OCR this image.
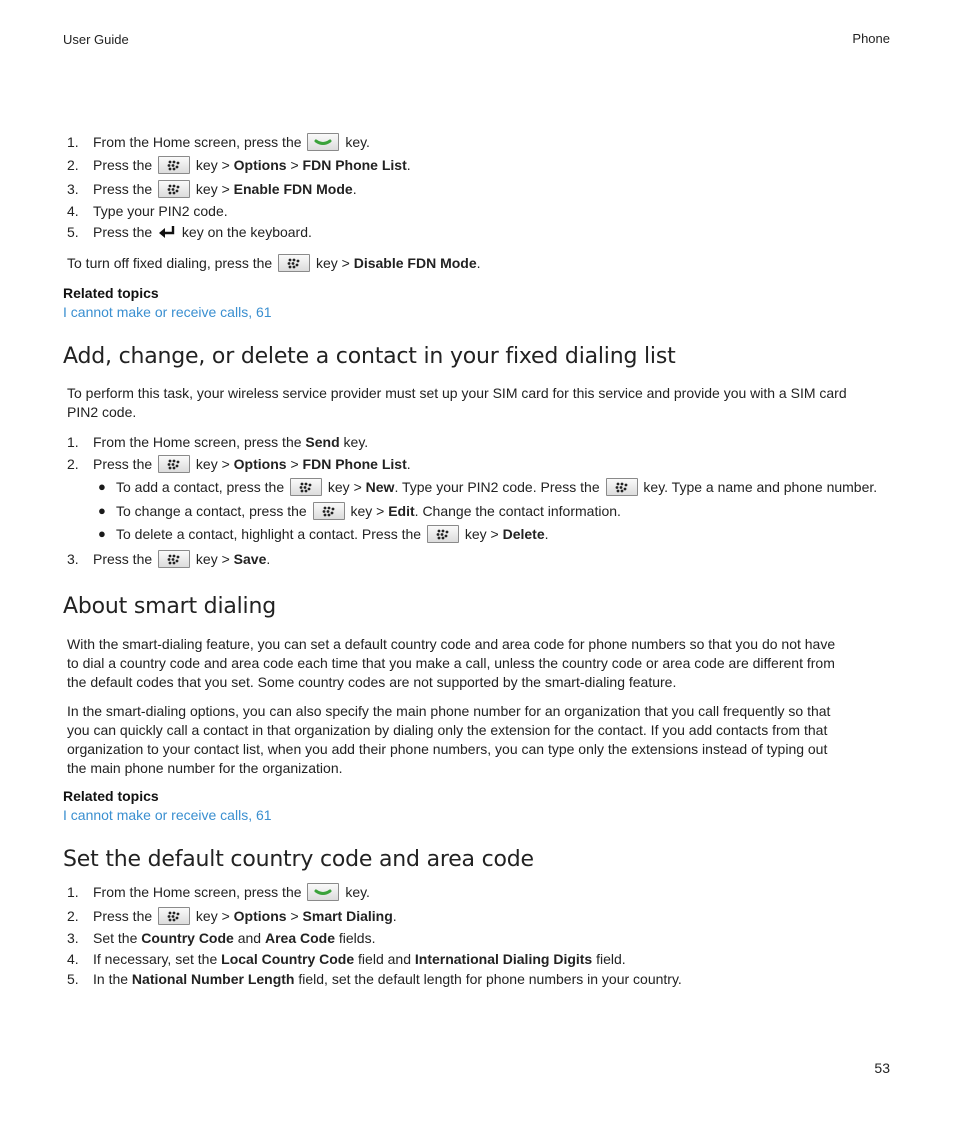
User Guide	Phone
1. From the Home screen, press the	key.
2. Press the	key > Options > FDN Phone List.
3. Press the	key > Enable FDN Mode.
4. Type your PIN2 code.
5. Press the key on the keyboard.
To turn off fixed dialing, press the	key > Disable FDN Mode.
Related topics
I cannot make or receive calls, 61
Add, change, or delete a contact in your fixed dialing list
To perform this task, your wireless service provider must set up your SIM card for this service and provide you with a SIM card
PIN2 code.
1. From the Home screen, press the Send key.
2. Press the	key > Options > FDN Phone List.
● To add a contact, press the	key > New. Type your PIN2 code. Press the	key. Type a name and phone number.
● To change a contact, press the	key > Edit. Change the contact information.
● To delete a contact, highlight a contact. Press the	key > Delete.
3. Press the	key > Save.
About smart dialing
With the smart-dialing feature, you can set a default country code and area code for phone numbers so that you do not have
to dial a country code and area code each time that you make a call, unless the country code or area code are different from
the default codes that you set. Some country codes are not supported by the smart-dialing feature.
In the smart-dialing options, you can also specify the main phone number for an organization that you call frequently so that
you can quickly call a contact in that organization by dialing only the extension for the contact. If you add contacts from that
organization to your contact list, when you add their phone numbers, you can type only the extensions instead of typing out
the main phone number for the organization.
Related topics
I cannot make or receive calls, 61
Set the default country code and area code
1. From the Home screen, press the	key.
2. Press the	key > Options > Smart Dialing.
3. Set the Country Code and Area Code fields.
4. If necessary, set the Local Country Code field and International Dialing Digits field.
5. In the National Number Length field, set the default length for phone numbers in your country.
53
